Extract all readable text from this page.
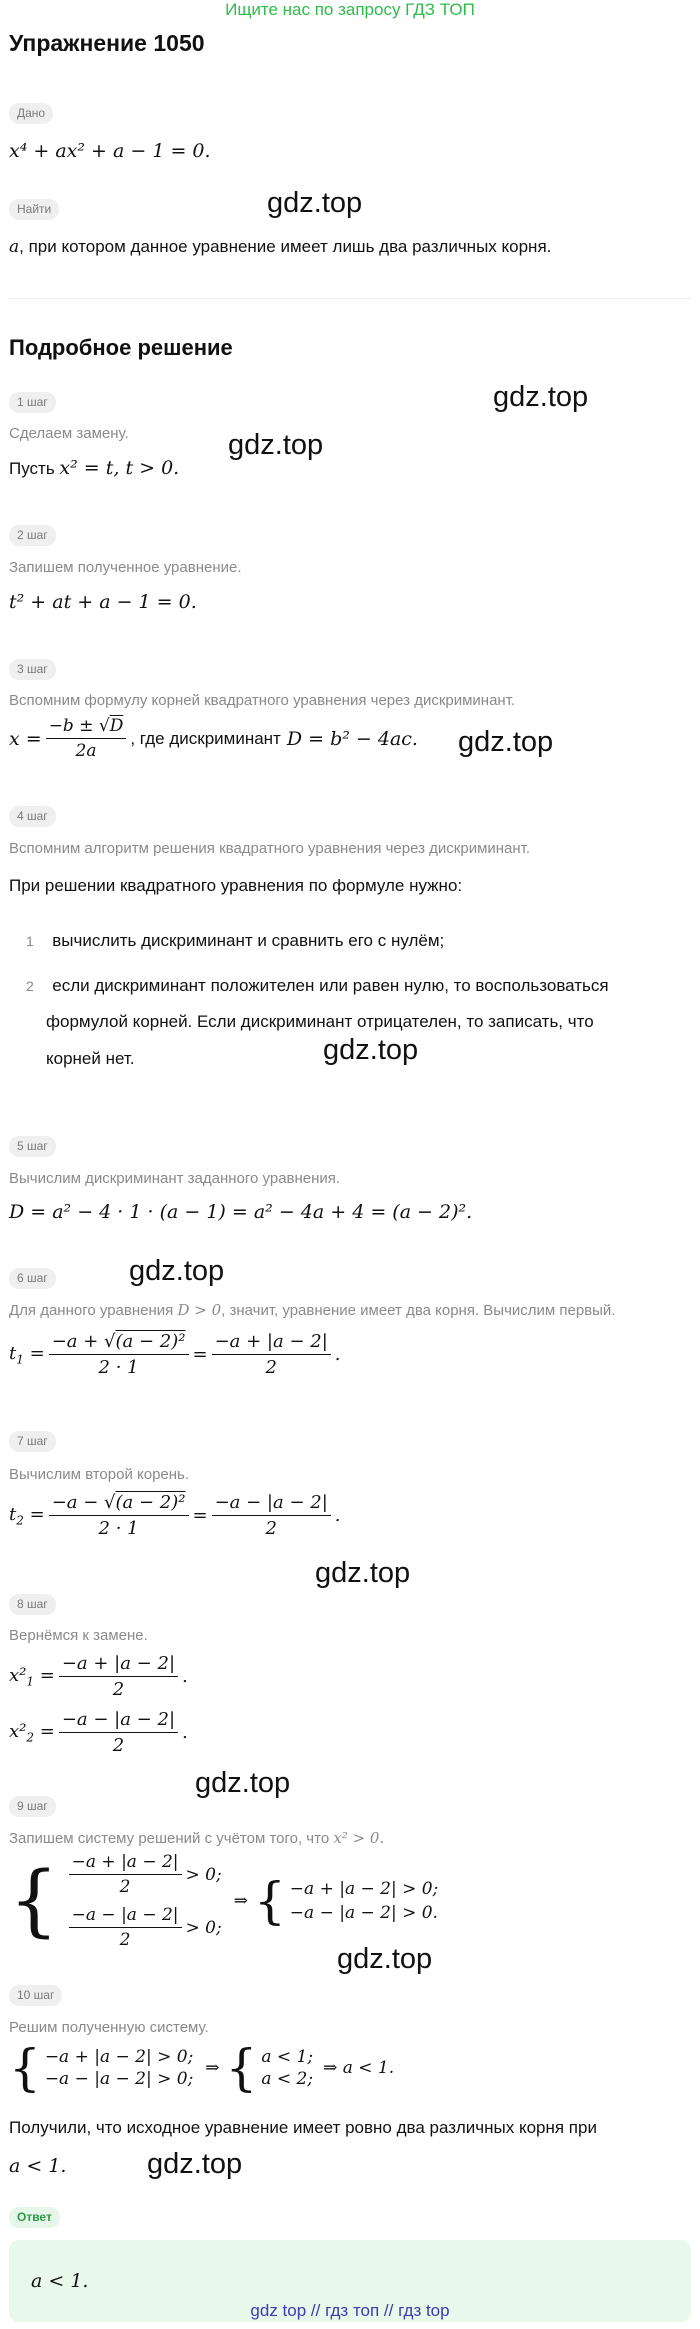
Ищите нас по запросу ГДЗ ТОП
Упражнение 1050
Дано
x⁴ + ax² + a − 1 = 0.
Найти
a, при котором данное уравнение имеет лишь два различных корня.
gdz.top
Подробное решение
1 шаг	gdz.top
Сделаем замену.	gdz.top
Пусть x² = t, t > 0.
2 шаг
Запишем полученное уравнение.
t² + at + a − 1 = 0.
3 шаг
Вспомним формулу корней квадратного уравнения через дискриминант.
$x = \frac{-b \pm √D}{2a}$ , где дискриминант D = b² − 4ac. gdz.top
4 шаг
Вспомним алгоритм решения квадратного уравнения через дискриминант.
При решении квадратного уравнения по формуле нужно:
1 вычислить дискриминант и сравнить его с нулём;
2 если дискриминант положителен или равен нулю, то воспользоваться
формулой корней. Если дискриминант отрицателен, то записать, что
корней нет.	gdz.top
5 шаг
Вычислим дискриминант заданного уравнения.
D = a² − 4 · 1 · (a − 1) = a² − 4a + 4 = (a − 2)².
6 шаг	gdz.top
Для данного уравнения D > 0, значит, уравнение имеет два корня. Вычислим первый.
$t_1 = \frac{\text{−a + √(a − 2)²}}{2 \cdot 1} = \frac{-a + |a - 2|}{2}$ .
7 шаг
Вычислим второй корень.
$t_2 = \frac{\text{−a − √(a − 2)²}}{2 \cdot 1} = \frac{-a - |a - 2|}{2}$ .
gdz.top
8 шаг
Вернёмся к замене.
$x^2_1 = \frac{-a + |a - 2|}{2}$ .
$x^2_2 = \frac{-a - |a - 2|}{2}$ .
gdz.top
9 шаг
Запишем систему решений с учётом того, что x² > 0.
{ $\frac{-a + |a - 2|}{2} > 0$;
$\frac{-a - |a - 2|}{2} > 0$;
⇒ { −a + |a − 2| > 0;
−a − |a − 2| > 0.
gdz.top
10 шаг
Решим полученную систему.
{ −a + |a − 2| > 0;
−a − |a − 2| > 0;
⇒ { a < 1;
a < 2;
⇒ a < 1.
Получили, что исходное уравнение имеет ровно два различных корня при
a < 1.	gdz.top
Ответ
a < 1.
gdz top // гдз топ // гдз top
